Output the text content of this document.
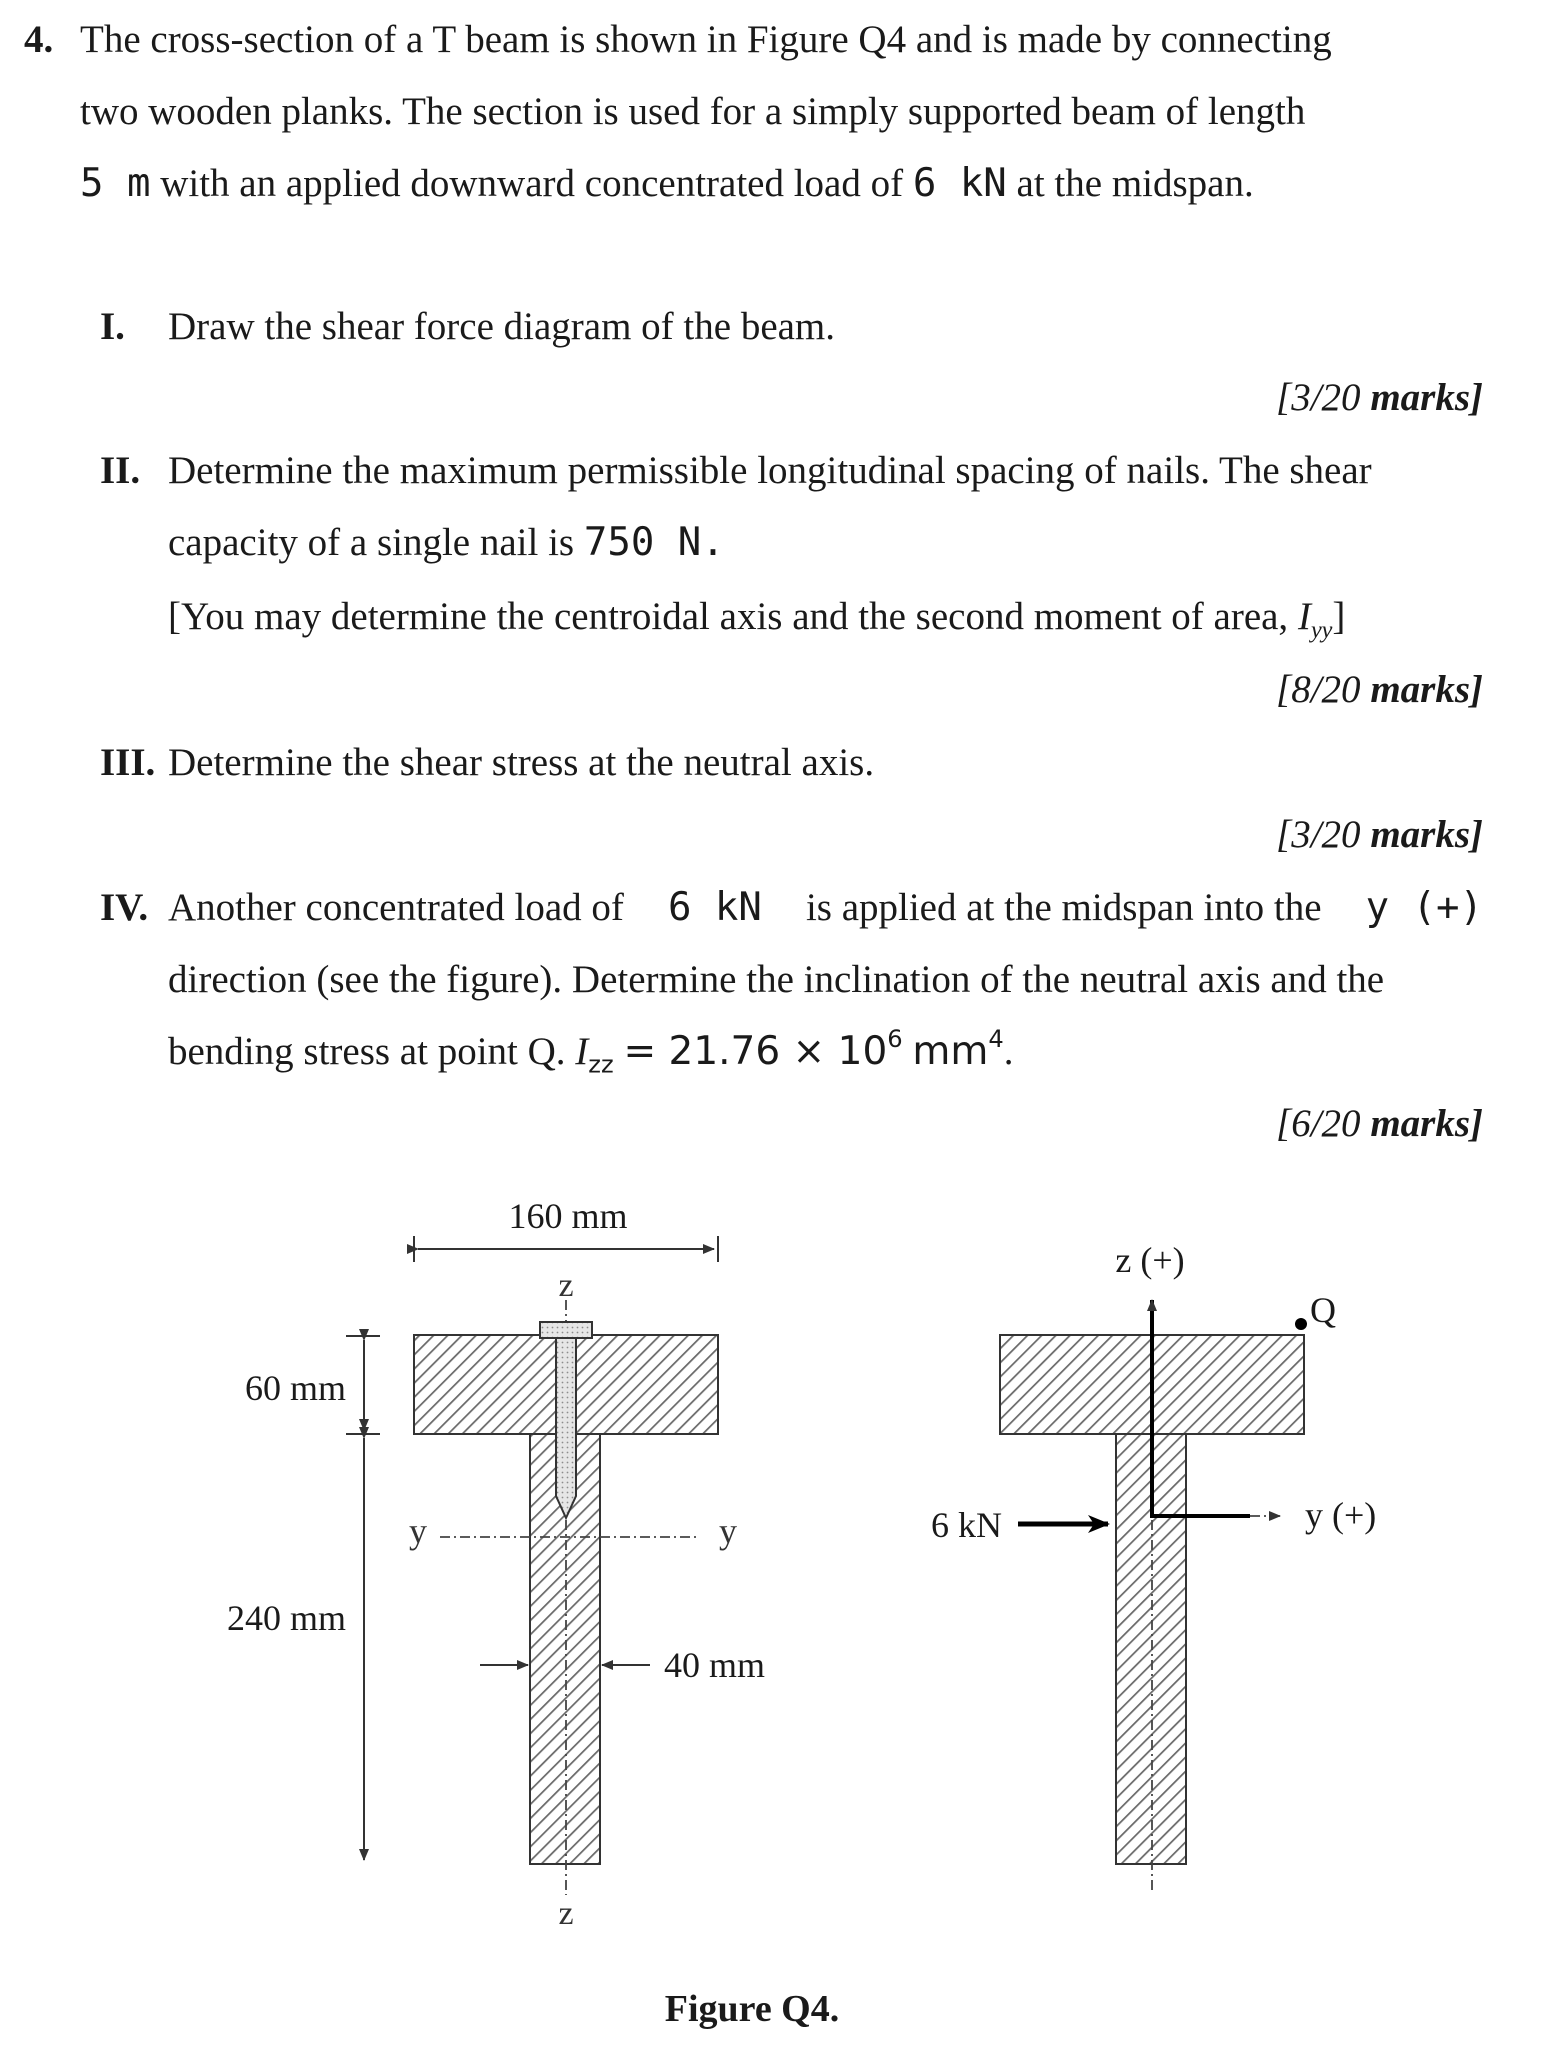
4. The cross-section of a T beam is shown in Figure Q4 and is made by connecting
two wooden planks. The section is used for a simply supported beam of length
5 m with an applied downward concentrated load of 6 kN at the midspan.
I. Draw the shear force diagram of the beam.
[3/20 marks]
II. Determine the maximum permissible longitudinal spacing of nails. The shear
capacity of a single nail is 750 N.
[You may determine the centroidal axis and the second moment of area, $I_{yy}$]
[8/20 marks]
III. Determine the shear stress at the neutral axis.
[3/20 marks]
IV. Another concentrated load of 6 kN is applied at the midspan into the y (+)
direction (see the figure). Determine the inclination of the neutral axis and the
bending stress at point Q. $I_{zz} = 21.76 \times 10^6$ $mm^4$.
[6/20 marks]
160 mm
z
z
y	y
60 mm
240 mm
40 mm
z (+)
y (+)
Q
6 kN
Figure Q4.
